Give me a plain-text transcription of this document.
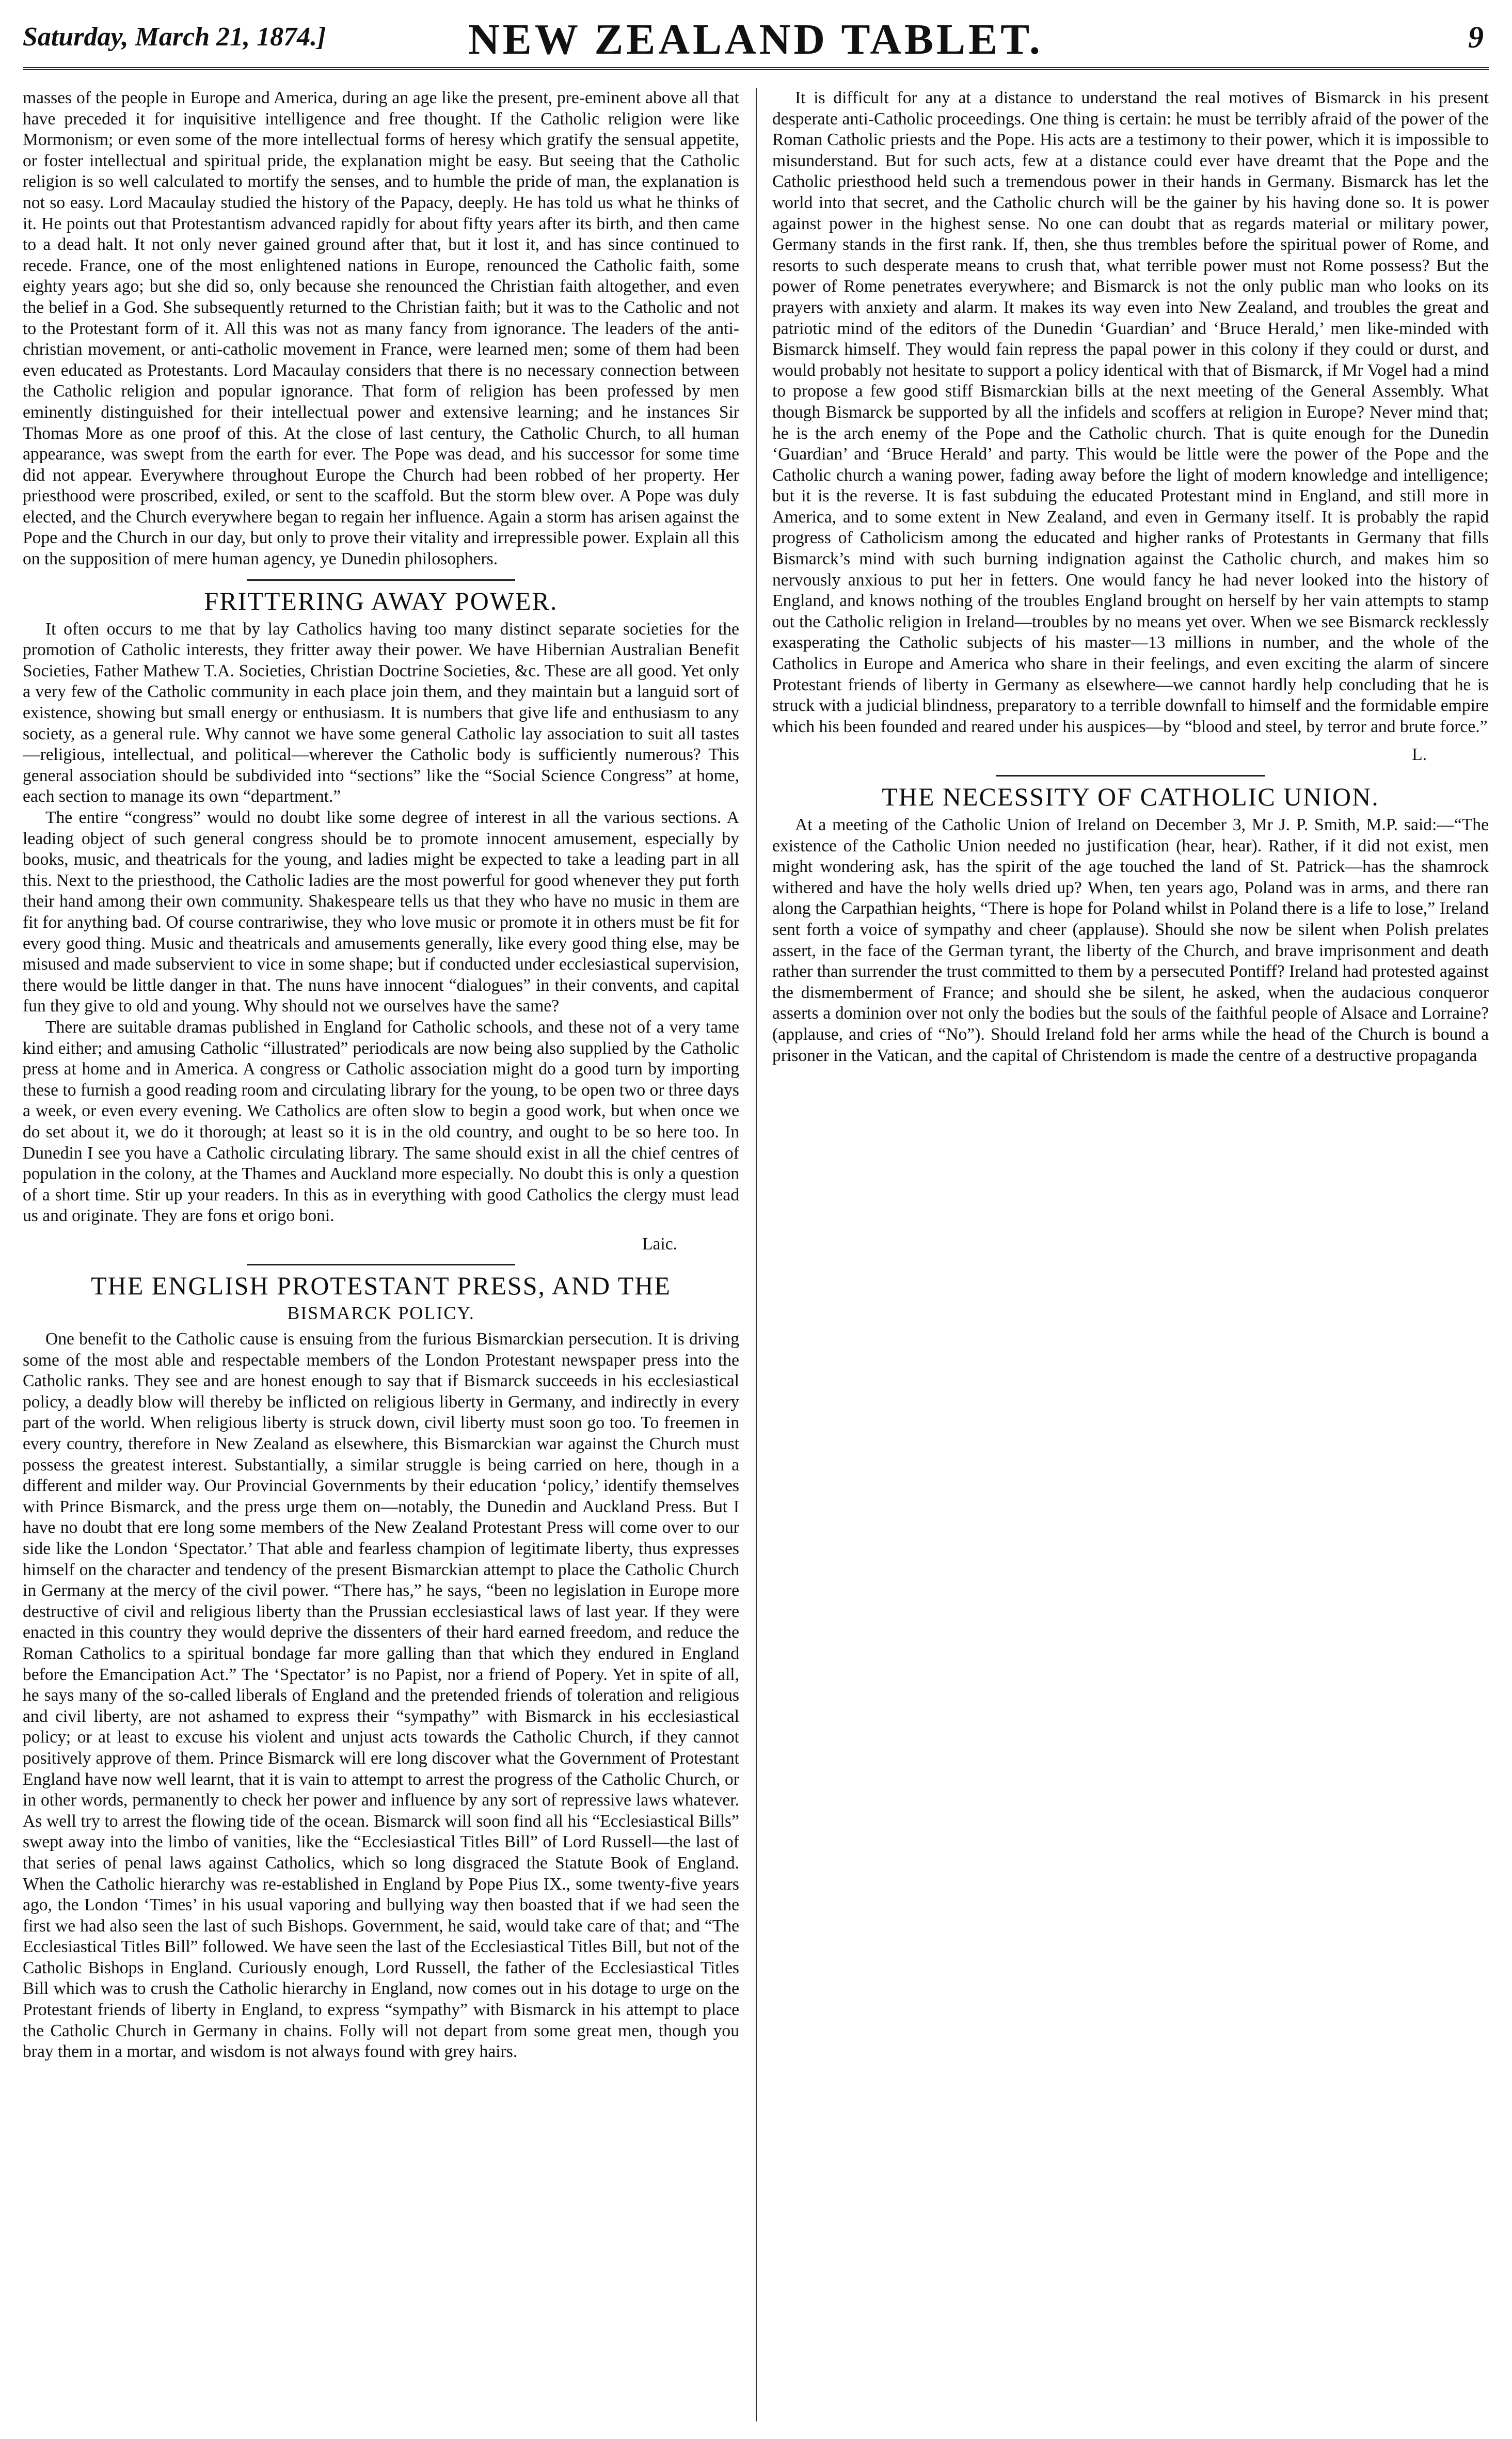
Saturday, March 21, 1874.]	NEW ZEALAND TABLET.	9

masses of the people in Europe and America, during an age like the present, pre-eminent above all that have preceded it for inquisitive intelligence and free thought. If the Catholic religion were like Mormonism; or even some of the more intellectual forms of heresy which gratify the sensual appetite, or foster intellectual and spiritual pride, the explanation might be easy. But seeing that the Catholic religion is so well calculated to mortify the senses, and to humble the pride of man, the explanation is not so easy. Lord Macaulay studied the history of the Papacy, deeply. He has told us what he thinks of it. He points out that Protestantism advanced rapidly for about fifty years after its birth, and then came to a dead halt. It not only never gained ground after that, but it lost it, and has since continued to recede. France, one of the most enlightened nations in Europe, renounced the Catholic faith, some eighty years ago; but she did so, only because she renounced the Christian faith altogether, and even the belief in a God. She subsequently returned to the Christian faith; but it was to the Catholic and not to the Protestant form of it. All this was not as many fancy from ignorance. The leaders of the anti-christian movement, or anti-catholic movement in France, were learned men; some of them had been even educated as Protestants. Lord Macaulay considers that there is no necessary connection between the Catholic religion and popular ignorance. That form of religion has been professed by men eminently distinguished for their intellectual power and extensive learning; and he instances Sir Thomas More as one proof of this. At the close of last century, the Catholic Church, to all human appearance, was swept from the earth for ever. The Pope was dead, and his successor for some time did not appear. Everywhere throughout Europe the Church had been robbed of her property. Her priesthood were proscribed, exiled, or sent to the scaffold. But the storm blew over. A Pope was duly elected, and the Church everywhere began to regain her influence. Again a storm has arisen against the Pope and the Church in our day, but only to prove their vitality and irrepressible power. Explain all this on the supposition of mere human agency, ye Dunedin philosophers.

FRITTERING AWAY POWER.

It often occurs to me that by lay Catholics having too many distinct separate societies for the promotion of Catholic interests, they fritter away their power. We have Hibernian Australian Benefit Societies, Father Mathew T.A. Societies, Christian Doctrine Societies, &c. These are all good. Yet only a very few of the Catholic community in each place join them, and they maintain but a languid sort of existence, showing but small energy or enthusiasm. It is numbers that give life and enthusiasm to any society, as a general rule. Why cannot we have some general Catholic lay association to suit all tastes—religious, intellectual, and political—wherever the Catholic body is sufficiently numerous? This general association should be subdivided into “sections” like the “Social Science Congress” at home, each section to manage its own “department.”

The entire “congress” would no doubt like some degree of interest in all the various sections. A leading object of such general congress should be to promote innocent amusement, especially by books, music, and theatricals for the young, and ladies might be expected to take a leading part in all this. Next to the priesthood, the Catholic ladies are the most powerful for good whenever they put forth their hand among their own community. Shakespeare tells us that they who have no music in them are fit for anything bad. Of course contrariwise, they who love music or promote it in others must be fit for every good thing. Music and theatricals and amusements generally, like every good thing else, may be misused and made subservient to vice in some shape; but if conducted under ecclesiastical supervision, there would be little danger in that. The nuns have innocent “dialogues” in their convents, and capital fun they give to old and young. Why should not we ourselves have the same?

There are suitable dramas published in England for Catholic schools, and these not of a very tame kind either; and amusing Catholic “illustrated” periodicals are now being also supplied by the Catholic press at home and in America. A congress or Catholic association might do a good turn by importing these to furnish a good reading room and circulating library for the young, to be open two or three days a week, or even every evening. We Catholics are often slow to begin a good work, but when once we do set about it, we do it thorough; at least so it is in the old country, and ought to be so here too. In Dunedin I see you have a Catholic circulating library. The same should exist in all the chief centres of population in the colony, at the Thames and Auckland more especially. No doubt this is only a question of a short time. Stir up your readers. In this as in everything with good Catholics the clergy must lead us and originate. They are fons et origo boni.

Laic.
THE ENGLISH PROTESTANT PRESS, AND THE
BISMARCK POLICY.

One benefit to the Catholic cause is ensuing from the furious Bismarckian persecution. It is driving some of the most able and respectable members of the London Protestant newspaper press into the Catholic ranks. They see and are honest enough to say that if Bismarck succeeds in his ecclesiastical policy, a deadly blow will thereby be inflicted on religious liberty in Germany, and indirectly in every part of the world. When religious liberty is struck down, civil liberty must soon go too. To freemen in every country, therefore in New Zealand as elsewhere, this Bismarckian war against the Church must possess the greatest interest. Substantially, a similar struggle is being carried on here, though in a different and milder way. Our Provincial Governments by their education ‘policy,’ identify themselves with Prince Bismarck, and the press urge them on—notably, the Dunedin and Auckland Press. But I have no doubt that ere long some members of the New Zealand Protestant Press will come over to our side like the London ‘Spectator.’ That able and fearless champion of legitimate liberty, thus expresses himself on the character and tendency of the present Bismarckian attempt to place the Catholic Church in Germany at the mercy of the civil power. “There has,” he says, “been no legislation in Europe more destructive of civil and religious liberty than the Prussian ecclesiastical laws of last year. If they were enacted in this country they would deprive the dissenters of their hard earned freedom, and reduce the Roman Catholics to a spiritual bondage far more galling than that which they endured in England before the Emancipation Act.” The ‘Spectator’ is no Papist, nor a friend of Popery. Yet in spite of all, he says many of the so-called liberals of England and the pretended friends of toleration and religious and civil liberty, are not ashamed to express their “sympathy” with Bismarck in his ecclesiastical policy; or at least to excuse his violent and unjust acts towards the Catholic Church, if they cannot positively approve of them. Prince Bismarck will ere long discover what the Government of Protestant England have now well learnt, that it is vain to attempt to arrest the progress of the Catholic Church, or in other words, permanently to check her power and influence by any sort of repressive laws whatever. As well try to arrest the flowing tide of the ocean. Bismarck will soon find all his “Ecclesiastical Bills” swept away into the limbo of vanities, like the “Ecclesiastical Titles Bill” of Lord Russell—the last of that series of penal laws against Catholics, which so long disgraced the Statute Book of England. When the Catholic hierarchy was re-established in England by Pope Pius IX., some twenty-five years ago, the London ‘Times’ in his usual vaporing and bullying way then boasted that if we had seen the first we had also seen the last of such Bishops. Government, he said, would take care of that; and “The Ecclesiastical Titles Bill” followed. We have seen the last of the Ecclesiastical Titles Bill, but not of the Catholic Bishops in England. Curiously enough, Lord Russell, the father of the Ecclesiastical Titles Bill which was to crush the Catholic hierarchy in England, now comes out in his dotage to urge on the Protestant friends of liberty in England, to express “sympathy” with Bismarck in his attempt to place the Catholic Church in Germany in chains. Folly will not depart from some great men, though you bray them in a mortar, and wisdom is not always found with grey hairs.

It is difficult for any at a distance to understand the real motives of Bismarck in his present desperate anti-Catholic proceedings. One thing is certain: he must be terribly afraid of the power of the Roman Catholic priests and the Pope. His acts are a testimony to their power, which it is impossible to misunderstand. But for such acts, few at a distance could ever have dreamt that the Pope and the Catholic priesthood held such a tremendous power in their hands in Germany. Bismarck has let the world into that secret, and the Catholic church will be the gainer by his having done so. It is power against power in the highest sense. No one can doubt that as regards material or military power, Germany stands in the first rank. If, then, she thus trembles before the spiritual power of Rome, and resorts to such desperate means to crush that, what terrible power must not Rome possess? But the power of Rome penetrates everywhere; and Bismarck is not the only public man who looks on its prayers with anxiety and alarm. It makes its way even into New Zealand, and troubles the great and patriotic mind of the editors of the Dunedin ‘Guardian’ and ‘Bruce Herald,’ men like-minded with Bismarck himself. They would fain repress the papal power in this colony if they could or durst, and would probably not hesitate to support a policy identical with that of Bismarck, if Mr Vogel had a mind to propose a few good stiff Bismarckian bills at the next meeting of the General Assembly. What though Bismarck be supported by all the infidels and scoffers at religion in Europe? Never mind that; he is the arch enemy of the Pope and the Catholic church. That is quite enough for the Dunedin ‘Guardian’ and ‘Bruce Herald’ and party. This would be little were the power of the Pope and the Catholic church a waning power, fading away before the light of modern knowledge and intelligence; but it is the reverse. It is fast subduing the educated Protestant mind in England, and still more in America, and to some extent in New Zealand, and even in Germany itself. It is probably the rapid progress of Catholicism among the educated and higher ranks of Protestants in Germany that fills Bismarck’s mind with such burning indignation against the Catholic church, and makes him so nervously anxious to put her in fetters. One would fancy he had never looked into the history of England, and knows nothing of the troubles England brought on herself by her vain attempts to stamp out the Catholic religion in Ireland—troubles by no means yet over. When we see Bismarck recklessly exasperating the Catholic subjects of his master—13 millions in number, and the whole of the Catholics in Europe and America who share in their feelings, and even exciting the alarm of sincere Protestant friends of liberty in Germany as elsewhere—we cannot hardly help concluding that he is struck with a judicial blindness, preparatory to a terrible downfall to himself and the formidable empire which his been founded and reared under his auspices—by “blood and steel, by terror and brute force.”

L.
THE NECESSITY OF CATHOLIC UNION.

At a meeting of the Catholic Union of Ireland on December 3, Mr J. P. Smith, M.P. said:—“The existence of the Catholic Union needed no justification (hear, hear). Rather, if it did not exist, men might wondering ask, has the spirit of the age touched the land of St. Patrick—has the shamrock withered and have the holy wells dried up? When, ten years ago, Poland was in arms, and there ran along the Carpathian heights, “There is hope for Poland whilst in Poland there is a life to lose,” Ireland sent forth a voice of sympathy and cheer (applause). Should she now be silent when Polish prelates assert, in the face of the German tyrant, the liberty of the Church, and brave imprisonment and death rather than surrender the trust committed to them by a persecuted Pontiff? Ireland had protested against the dismemberment of France; and should she be silent, he asked, when the audacious conqueror asserts a dominion over not only the bodies but the souls of the faithful people of Alsace and Lorraine? (applause, and cries of “No”). Should Ireland fold her arms while the head of the Church is bound a prisoner in the Vatican, and the capital of Christendom is made the centre of a destructive propaganda
